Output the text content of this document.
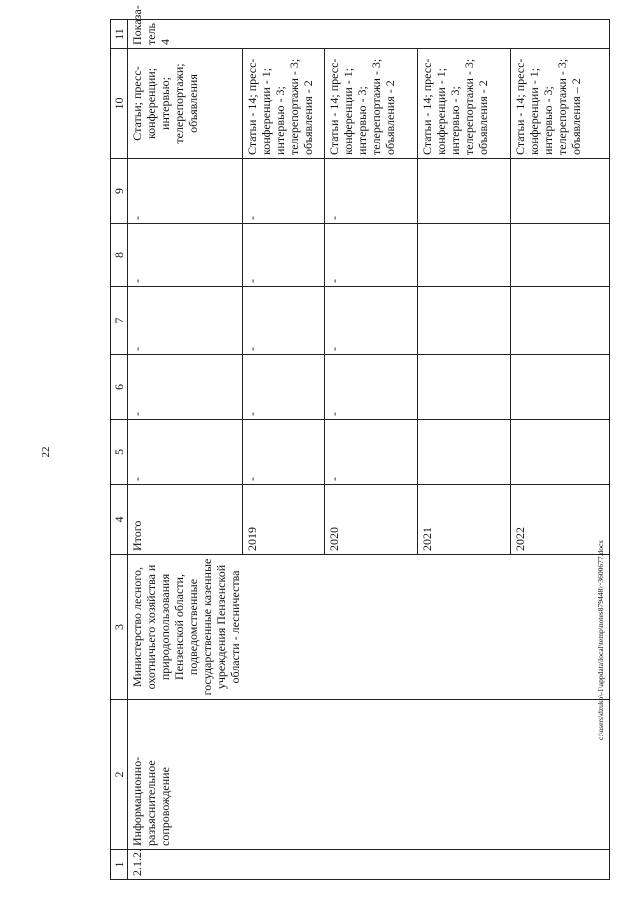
22
1	2	3	4	5	6	7	8	9	10	11
2.1.2.	Информационно-разъяснительное сопровождение	Министерство лесного, охотничьего хозяйства и природопользования Пензенской области, подведомственные государственные казенные учреждения Пензенской области - лесничества	Итого	-	-	-	-	-	Статьи; пресс-конференции; интервью; телерепортажи; объявления	Показа-тель 4
			2019	-	-	-	-	-	Статьи - 14; пресс-конференции - 1; интервью - 3; телерепортажи - 3; объявления - 2	
			2020	-	-	-	-	-	Статьи - 14; пресс-конференции - 1; интервью - 3; телерепортажи - 3; объявления - 2	
			2021						Статьи - 14; пресс-конференции - 1; интервью - 3; телерепортажи - 3; объявления - 2	
			2022						Статьи - 14; пресс-конференции - 1; интервью - 3; телерепортажи - 3; объявления – 2	
c:\users\dzuko\-1\appdata\local\temp\notes879448\~3600677.docx
